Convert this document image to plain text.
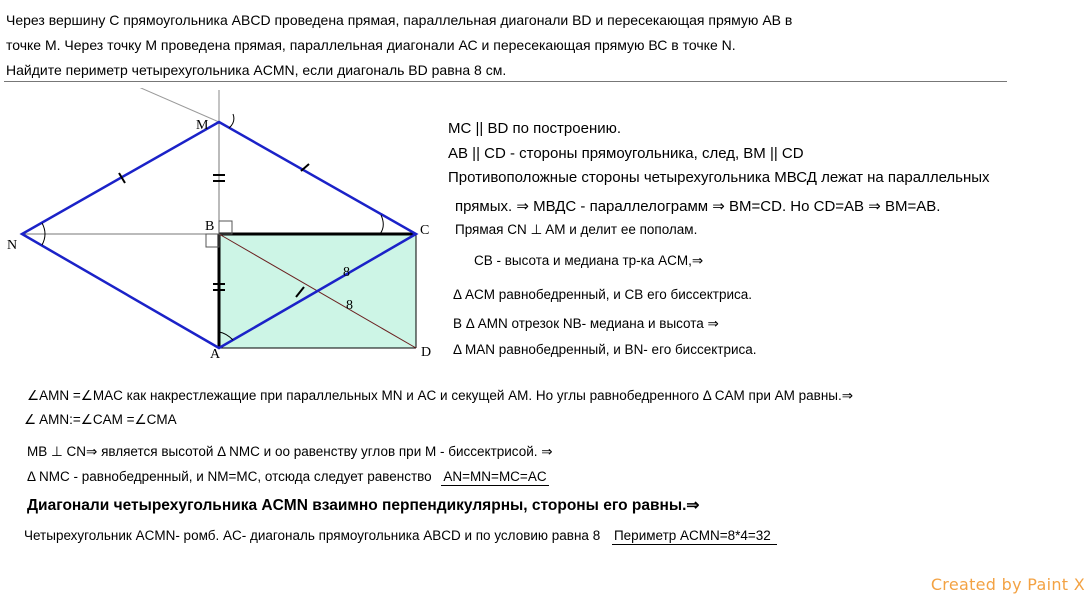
Через вершину С прямоугольника ABCD проведена прямая, параллельная диагонали BD и пересекающая прямую AB в
точке М. Через точку М проведена прямая, параллельная диагонали АС и пересекающая прямую ВС в точке N.
Найдите периметр четырехугольника ACMN, если диагональ BD равна 8 см.
M
B	C
N
A	D
8
8
MC || BD по построению.
AB || CD - стороны прямоугольника, след, BM || CD
Противоположные стороны четырехугольника МВСД лежат на параллельных
прямых. ⇒ МВДС - параллелограмм ⇒ ВМ=СD. Но CD=AB ⇒ ВМ=АВ.
Прямая CN ⊥ AM и делит ее пополам.
CB - высота и медиана тр-ка ACM,⇒
Δ ACM равнобедренный, и CB его биссектриса.
В Δ AMN отрезок NB- медиана и высота ⇒
Δ MAN равнобедренный, и BN- его биссектриса.
∠AMN =∠MAC как накрестлежащие при параллельных MN и AC и секущей AM. Но углы равнобедренного Δ CAM при AM равны.⇒
∠ AMN:=∠CAM =∠CMA
MB ⊥ CN⇒ является высотой Δ NMC и оо равенству углов при M - биссектрисой. ⇒
Δ NMC - равнобедренный, и NM=MC, отсюда следует равенство AN=MN=MC=AC
Диагонали четырехугольника ACMN взаимно перпендикулярны, стороны его равны.⇒
Четырехугольник ACMN- ромб. AC- диагональ прямоугольника ABCD и по условию равна 8 Периметр ACMN=8*4=32
Created by Paint X
